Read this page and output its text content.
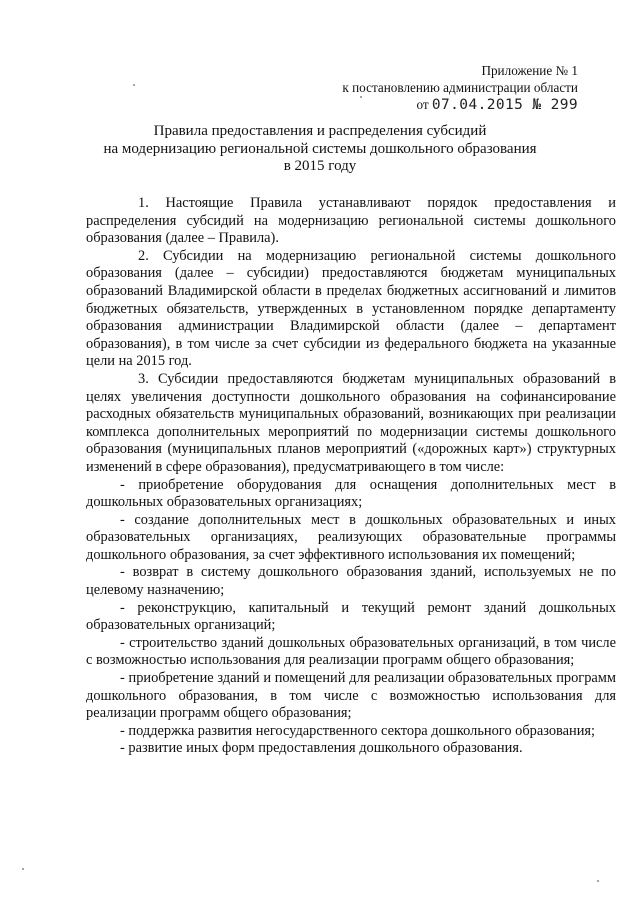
Приложение № 1
к постановлению администрации области
от 07.04.2015 № 299
Правила предоставления и распределения субсидий
на модернизацию региональной системы дошкольного образования
в 2015 году

1. Настоящие Правила устанавливают порядок предоставления и распределения субсидий на модернизацию региональной системы дошкольного образования (далее – Правила).

2. Субсидии на модернизацию региональной системы дошкольного образования (далее – субсидии) предоставляются бюджетам муниципальных образований Владимирской области в пределах бюджетных ассигнований и лимитов бюджетных обязательств, утвержденных в установленном порядке департаменту образования администрации Владимирской области (далее – департамент образования), в том числе за счет субсидии из федерального бюджета на указанные цели на 2015 год.

3. Субсидии предоставляются бюджетам муниципальных образований в целях увеличения доступности дошкольного образования на софинансирование расходных обязательств муниципальных образований, возникающих при реализации комплекса дополнительных мероприятий по модернизации системы дошкольного образования (муниципальных планов мероприятий («дорожных карт») структурных изменений в сфере образования), предусматривающего в том числе:

- приобретение оборудования для оснащения дополнительных мест в дошкольных образовательных организациях;

- создание дополнительных мест в дошкольных образовательных и иных образовательных организациях, реализующих образовательные программы дошкольного образования, за счет эффективного использования их помещений;

- возврат в систему дошкольного образования зданий, используемых не по целевому назначению;

- реконструкцию, капитальный и текущий ремонт зданий дошкольных образовательных организаций;

- строительство зданий дошкольных образовательных организаций, в том числе с возможностью использования для реализации программ общего образования;

- приобретение зданий и помещений для реализации образовательных программ дошкольного образования, в том числе с возможностью использования для реализации программ общего образования;

- поддержка развития негосударственного сектора дошкольного образования;

- развитие иных форм предоставления дошкольного образования.
